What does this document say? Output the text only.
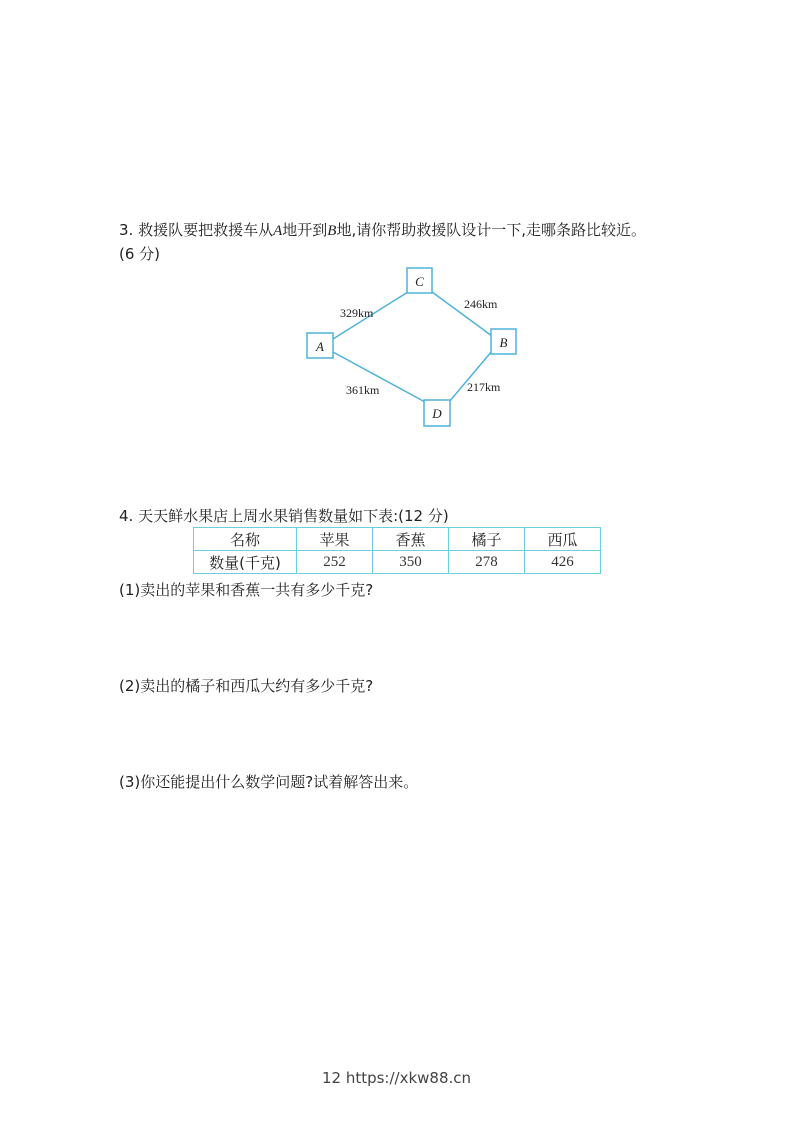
3. 救援队要把救援车从A地开到B地,请你帮助救援队设计一下,走哪条路比较近。
(6 分)
C
A	B
D
329km
246km
361km	217km
4. 天天鲜水果店上周水果销售数量如下表:(12 分)
名称	苹果	香蕉	橘子	西瓜
数量(千克)	252	350	278	426
(1)卖出的苹果和香蕉一共有多少千克?
(2)卖出的橘子和西瓜大约有多少千克?
(3)你还能提出什么数学问题?试着解答出来。
12 https://xkw88.cn
